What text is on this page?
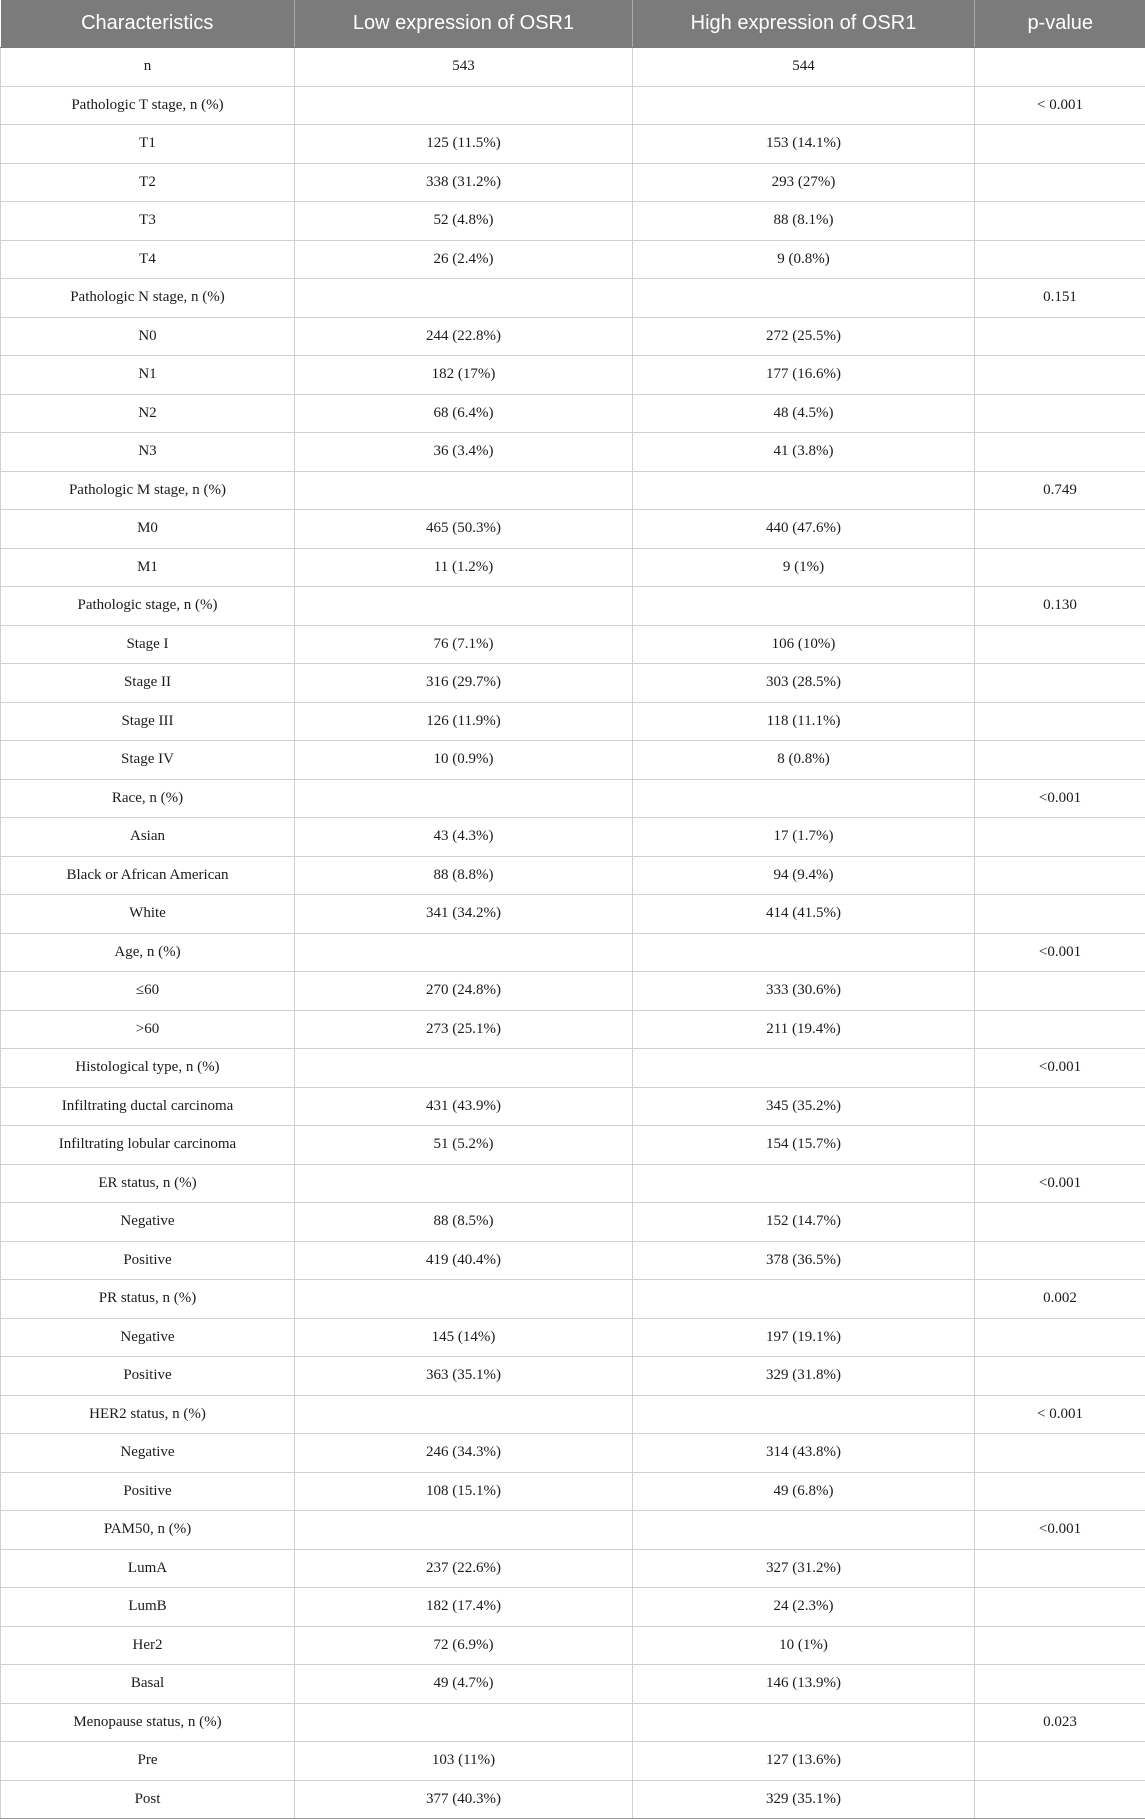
Characteristics	Low expression of OSR1	High expression of OSR1	p-value
n	543	544	
Pathologic T stage, n (%)			< 0.001
T1	125 (11.5%)	153 (14.1%)	
T2	338 (31.2%)	293 (27%)	
T3	52 (4.8%)	88 (8.1%)	
T4	26 (2.4%)	9 (0.8%)	
Pathologic N stage, n (%)			0.151
N0	244 (22.8%)	272 (25.5%)	
N1	182 (17%)	177 (16.6%)	
N2	68 (6.4%)	48 (4.5%)	
N3	36 (3.4%)	41 (3.8%)	
Pathologic M stage, n (%)			0.749
M0	465 (50.3%)	440 (47.6%)	
M1	11 (1.2%)	9 (1%)	
Pathologic stage, n (%)			0.130
Stage I	76 (7.1%)	106 (10%)	
Stage II	316 (29.7%)	303 (28.5%)	
Stage III	126 (11.9%)	118 (11.1%)	
Stage IV	10 (0.9%)	8 (0.8%)	
Race, n (%)			<0.001
Asian	43 (4.3%)	17 (1.7%)	
Black or African American	88 (8.8%)	94 (9.4%)	
White	341 (34.2%)	414 (41.5%)	
Age, n (%)			<0.001
≤60	270 (24.8%)	333 (30.6%)	
>60	273 (25.1%)	211 (19.4%)	
Histological type, n (%)			<0.001
Infiltrating ductal carcinoma	431 (43.9%)	345 (35.2%)	
Infiltrating lobular carcinoma	51 (5.2%)	154 (15.7%)	
ER status, n (%)			<0.001
Negative	88 (8.5%)	152 (14.7%)	
Positive	419 (40.4%)	378 (36.5%)	
PR status, n (%)			0.002
Negative	145 (14%)	197 (19.1%)	
Positive	363 (35.1%)	329 (31.8%)	
HER2 status, n (%)			< 0.001
Negative	246 (34.3%)	314 (43.8%)	
Positive	108 (15.1%)	49 (6.8%)	
PAM50, n (%)			<0.001
LumA	237 (22.6%)	327 (31.2%)	
LumB	182 (17.4%)	24 (2.3%)	
Her2	72 (6.9%)	10 (1%)	
Basal	49 (4.7%)	146 (13.9%)	
Menopause status, n (%)			0.023
Pre	103 (11%)	127 (13.6%)	
Post	377 (40.3%)	329 (35.1%)	
